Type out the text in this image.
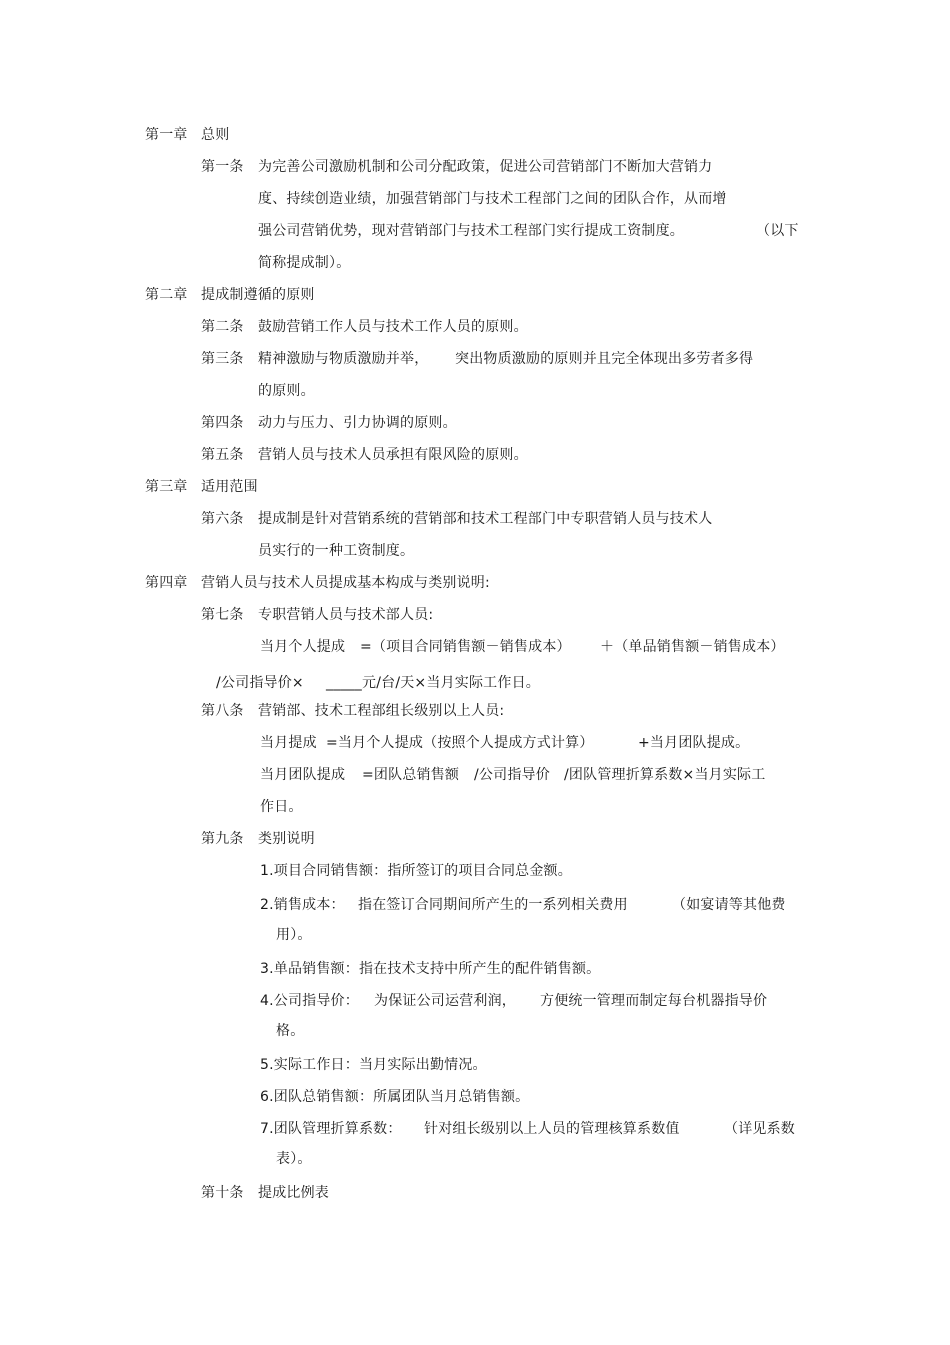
第一章 总则
第一条 为完善公司激励机制和公司分配政策，促进公司营销部门不断加大营销力
度、持续创造业绩，加强营销部门与技术工程部门之间的团队合作，从而增
强公司营销优势，现对营销部门与技术工程部门实行提成工资制度。	（以下
简称提成制）。
第二章 提成制遵循的原则
第二条 鼓励营销工作人员与技术工作人员的原则。
第三条 精神激励与物质激励并举， 突出物质激励的原则并且完全体现出多劳者多得
的原则。
第四条 动力与压力、引力协调的原则。
第五条 营销人员与技术人员承担有限风险的原则。
第三章 适用范围
第六条 提成制是针对营销系统的营销部和技术工程部门中专职营销人员与技术人
员实行的一种工资制度。
第四章 营销人员与技术人员提成基本构成与类别说明:
第七条 专职营销人员与技术部人员:
当月个人提成 =（项目合同销售额－销售成本） ＋（单品销售额－销售成本）
/公司指导价× _____元/台/天×当月实际工作日。
第八条 营销部、技术工程部组长级别以上人员:
当月提成 =当月个人提成（按照个人提成方式计算）	+当月团队提成。
当月团队提成 =团队总销售额 /公司指导价 /团队管理折算系数×当月实际工
作日。
第九条 类别说明
1.项目合同销售额：指所签订的项目合同总金额。
2.销售成本： 指在签订合同期间所产生的一系列相关费用	（如宴请等其他费
用）。
3.单品销售额：指在技术支持中所产生的配件销售额。
4.公司指导价： 为保证公司运营利润， 方便统一管理而制定每台机器指导价
格。
5.实际工作日：当月实际出勤情况。
6.团队总销售额：所属团队当月总销售额。
7.团队管理折算系数： 针对组长级别以上人员的管理核算系数值	（详见系数
表）。
第十条 提成比例表
